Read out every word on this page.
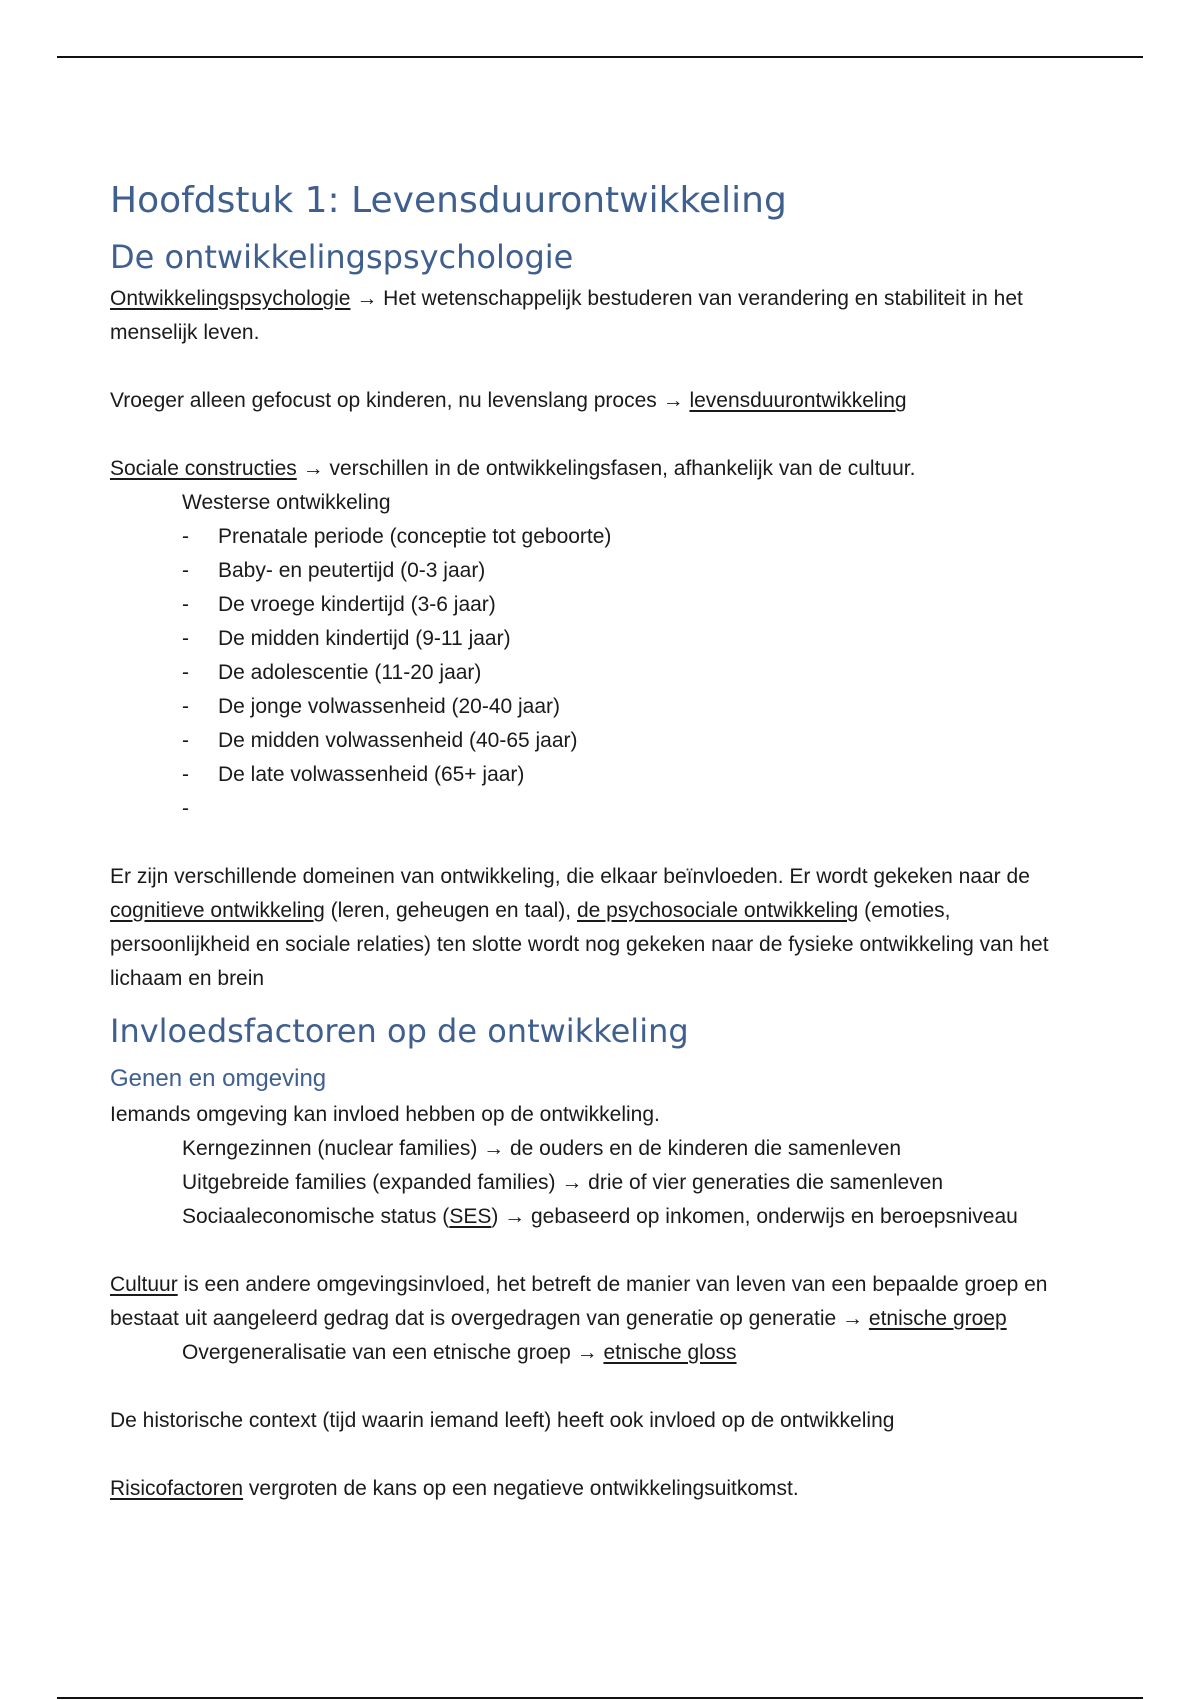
Hoofdstuk 1: Levensduurontwikkeling
De ontwikkelingspsychologie

Ontwikkelingspsychologie → Het wetenschappelijk bestuderen van verandering en stabiliteit in het menselijk leven.

Vroeger alleen gefocust op kinderen, nu levenslang proces → levensduurontwikkeling

Sociale constructies → verschillen in de ontwikkelingsfasen, afhankelijk van de cultuur.

Westerse ontwikkeling

- Prenatale periode (conceptie tot geboorte)
- Baby- en peutertijd (0-3 jaar)
- De vroege kindertijd (3-6 jaar)
- De midden kindertijd (9-11 jaar)
- De adolescentie (11-20 jaar)
- De jonge volwassenheid (20-40 jaar)
- De midden volwassenheid (40-65 jaar)
- De late volwassenheid (65+ jaar)
-

Er zijn verschillende domeinen van ontwikkeling, die elkaar beïnvloeden. Er wordt gekeken naar de cognitieve ontwikkeling (leren, geheugen en taal), de psychosociale ontwikkeling (emoties, persoonlijkheid en sociale relaties) ten slotte wordt nog gekeken naar de fysieke ontwikkeling van het lichaam en brein

Invloedsfactoren op de ontwikkeling
Genen en omgeving

Iemands omgeving kan invloed hebben op de ontwikkeling.

Kerngezinnen (nuclear families) → de ouders en de kinderen die samenleven

Uitgebreide families (expanded families) → drie of vier generaties die samenleven

Sociaaleconomische status (SES) → gebaseerd op inkomen, onderwijs en beroepsniveau

Cultuur is een andere omgevingsinvloed, het betreft de manier van leven van een bepaalde groep en bestaat uit aangeleerd gedrag dat is overgedragen van generatie op generatie → etnische groep

Overgeneralisatie van een etnische groep → etnische gloss

De historische context (tijd waarin iemand leeft) heeft ook invloed op de ontwikkeling

Risicofactoren vergroten de kans op een negatieve ontwikkelingsuitkomst.
